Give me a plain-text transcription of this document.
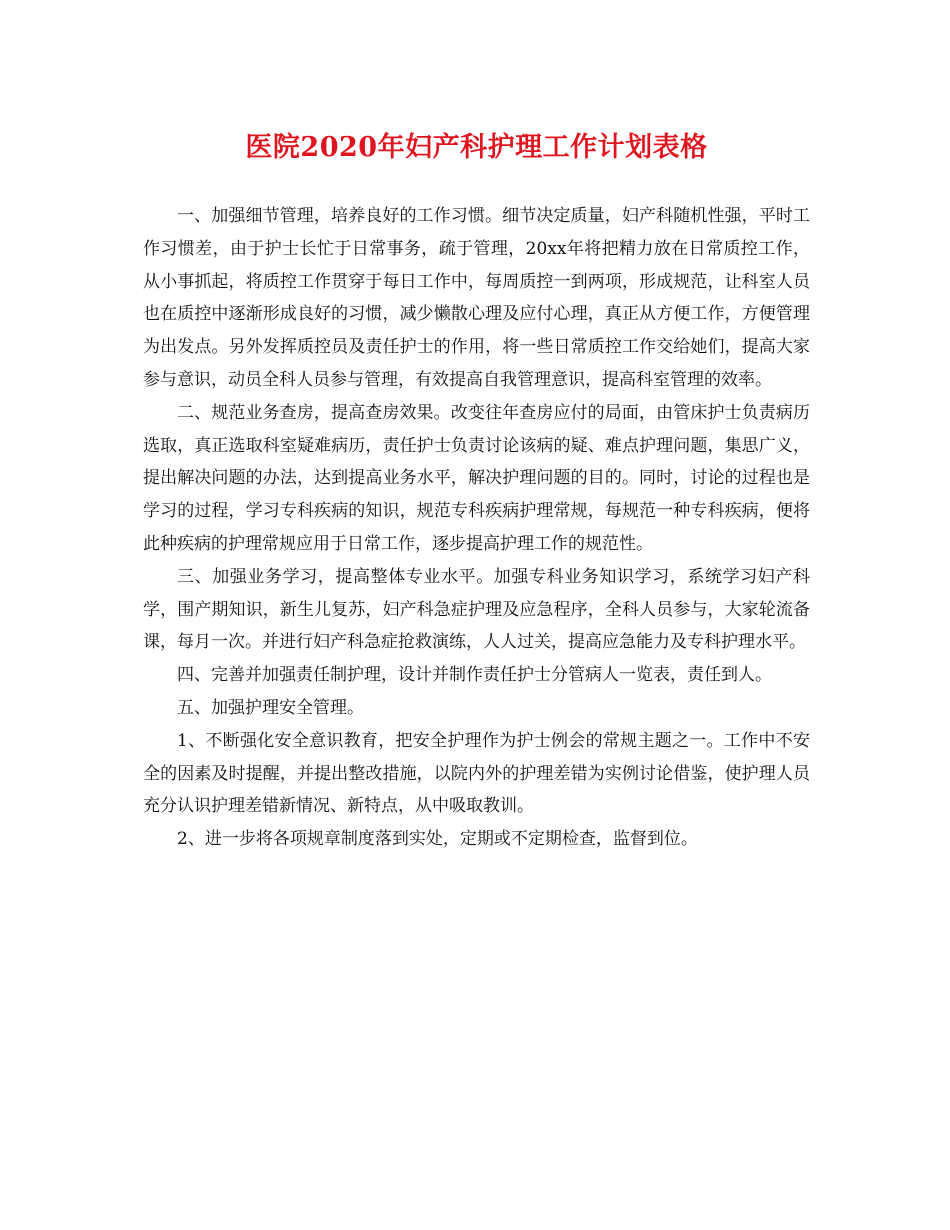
医院2020年妇产科护理工作计划表格

一、加强细节管理，培养良好的工作习惯。细节决定质量，妇产科随机性强，平时工作习惯差，由于护士长忙于日常事务，疏于管理，20xx年将把精力放在日常质控工作，从小事抓起，将质控工作贯穿于每日工作中，每周质控一到两项，形成规范，让科室人员也在质控中逐渐形成良好的习惯，减少懒散心理及应付心理，真正从方便工作，方便管理为出发点。另外发挥质控员及责任护士的作用，将一些日常质控工作交给她们，提高大家参与意识，动员全科人员参与管理，有效提高自我管理意识，提高科室管理的效率。

二、规范业务查房，提高查房效果。改变往年查房应付的局面，由管床护士负责病历选取，真正选取科室疑难病历，责任护士负责讨论该病的疑、难点护理问题，集思广义，提出解决问题的办法，达到提高业务水平，解决护理问题的目的。同时，讨论的过程也是学习的过程，学习专科疾病的知识，规范专科疾病护理常规，每规范一种专科疾病，便将此种疾病的护理常规应用于日常工作，逐步提高护理工作的规范性。

三、加强业务学习，提高整体专业水平。加强专科业务知识学习，系统学习妇产科学，围产期知识，新生儿复苏，妇产科急症护理及应急程序，全科人员参与，大家轮流备课，每月一次。并进行妇产科急症抢救演练，人人过关，提高应急能力及专科护理水平。

四、完善并加强责任制护理，设计并制作责任护士分管病人一览表，责任到人。

五、加强护理安全管理。

1、不断强化安全意识教育，把安全护理作为护士例会的常规主题之一。工作中不安全的因素及时提醒，并提出整改措施，以院内外的护理差错为实例讨论借鉴，使护理人员充分认识护理差错新情况、新特点，从中吸取教训。

2、进一步将各项规章制度落到实处，定期或不定期检查，监督到位。
